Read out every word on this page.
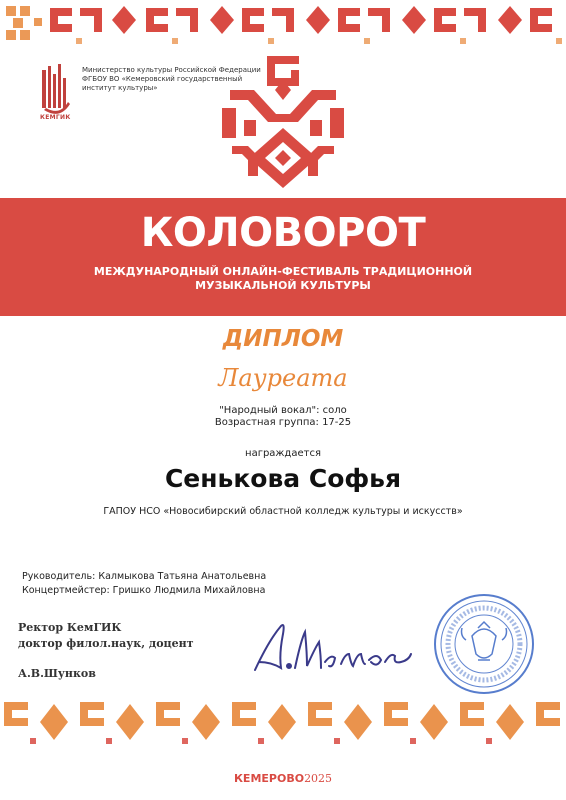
КЕМГИК
Министерство культуры Российской Федерации
ФГБОУ ВО «Кемеровский государственный
институт культуры»
КОЛОВОРОТ
МЕЖДУНАРОДНЫЙ ОНЛАЙН-ФЕСТИВАЛЬ ТРАДИЦИОННОЙ
МУЗЫКАЛЬНОЙ КУЛЬТУРЫ
ДИПЛОМ
Лауреата
"Народный вокал": соло
Возрастная группа: 17-25
награждается
Сенькова Софья
ГАПОУ НСО «Новосибирский областной колледж культуры и искусств»
Руководитель: Калмыкова Татьяна Анатольевна
Концертмейстер: Гришко Людмила Михайловна
Ректор КемГИК
доктор филол.наук, доцент
А.В.Шунков
КЕМЕРОВО2025
